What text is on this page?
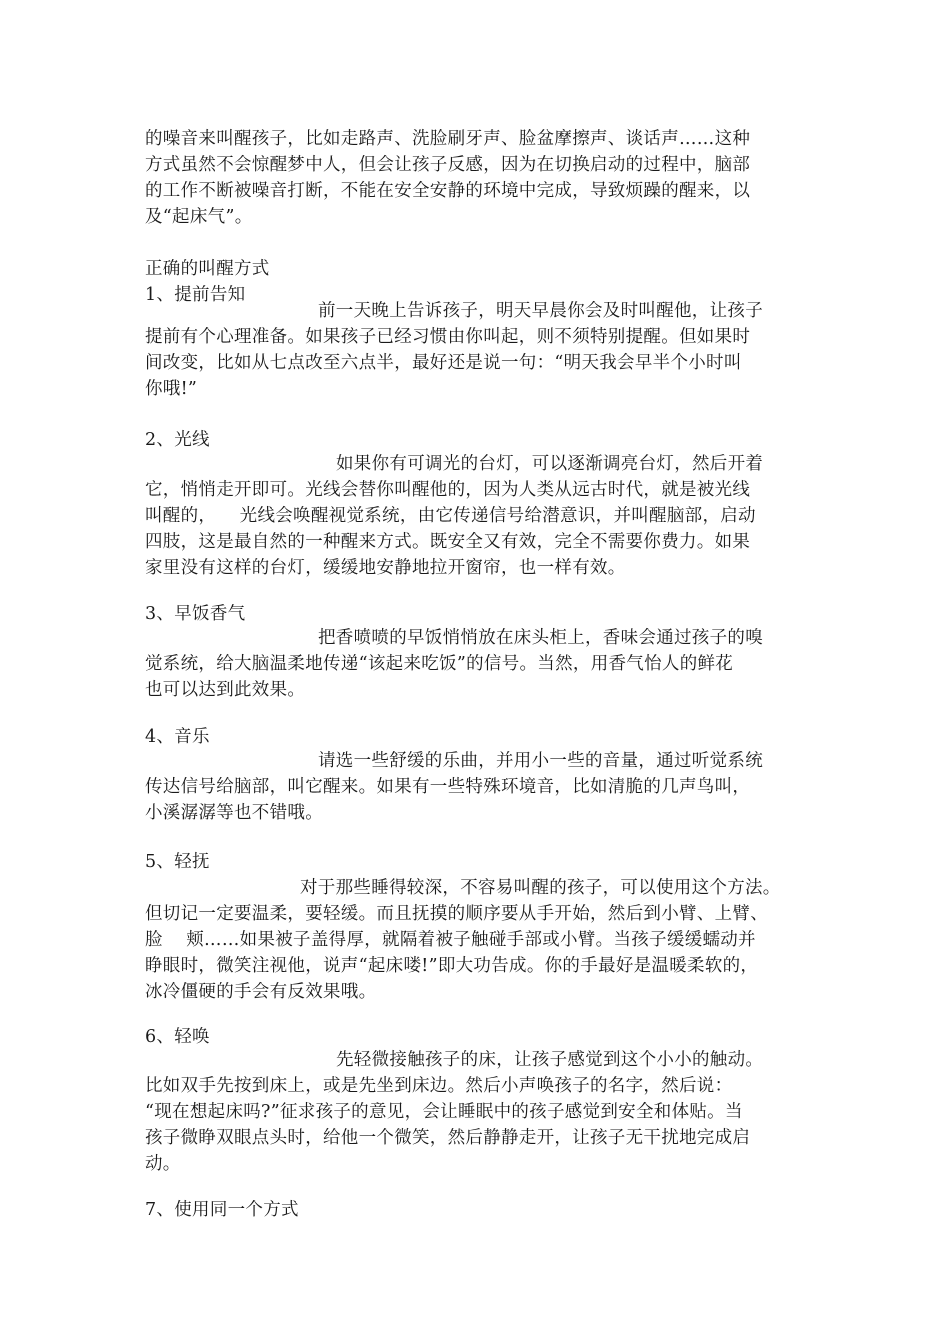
的噪音来叫醒孩子，比如走路声、洗脸刷牙声、脸盆摩擦声、谈话声……这种

方式虽然不会惊醒梦中人，但会让孩子反感，因为在切换启动的过程中，脑部

的工作不断被噪音打断，不能在安全安静的环境中完成，导致烦躁的醒来，以

及“起床气”。

正确的叫醒方式

1、提前告知

前一天晚上告诉孩子，明天早晨你会及时叫醒他，让孩子

提前有个心理准备。如果孩子已经习惯由你叫起，则不须特别提醒。但如果时

间改变，比如从七点改至六点半，最好还是说一句：“明天我会早半个小时叫

你哦!”

2、光线

如果你有可调光的台灯，可以逐渐调亮台灯，然后开着

它，悄悄走开即可。光线会替你叫醒他的，因为人类从远古时代，就是被光线

叫醒的，    光线会唤醒视觉系统，由它传递信号给潜意识，并叫醒脑部，启动

四肢，这是最自然的一种醒来方式。既安全又有效，完全不需要你费力。如果

家里没有这样的台灯，缓缓地安静地拉开窗帘，也一样有效。

3、早饭香气

把香喷喷的早饭悄悄放在床头柜上，香味会通过孩子的嗅

觉系统，给大脑温柔地传递“该起来吃饭”的信号。当然，用香气怡人的鲜花

也可以达到此效果。

4、音乐

请选一些舒缓的乐曲，并用小一些的音量，通过听觉系统

传达信号给脑部，叫它醒来。如果有一些特殊环境音，比如清脆的几声鸟叫，

小溪潺潺等也不错哦。

5、轻抚

对于那些睡得较深，不容易叫醒的孩子，可以使用这个方法。

但切记一定要温柔，要轻缓。而且抚摸的顺序要从手开始，然后到小臂、上臂、

脸    颊……如果被子盖得厚，就隔着被子触碰手部或小臂。当孩子缓缓蠕动并

睁眼时，微笑注视他，说声“起床喽!”即大功告成。你的手最好是温暖柔软的，

冰冷僵硬的手会有反效果哦。

6、轻唤

先轻微接触孩子的床，让孩子感觉到这个小小的触动。

比如双手先按到床上，或是先坐到床边。然后小声唤孩子的名字，然后说：

“现在想起床吗?”征求孩子的意见，会让睡眠中的孩子感觉到安全和体贴。当

孩子微睁双眼点头时，给他一个微笑，然后静静走开，让孩子无干扰地完成启

动。

7、使用同一个方式
